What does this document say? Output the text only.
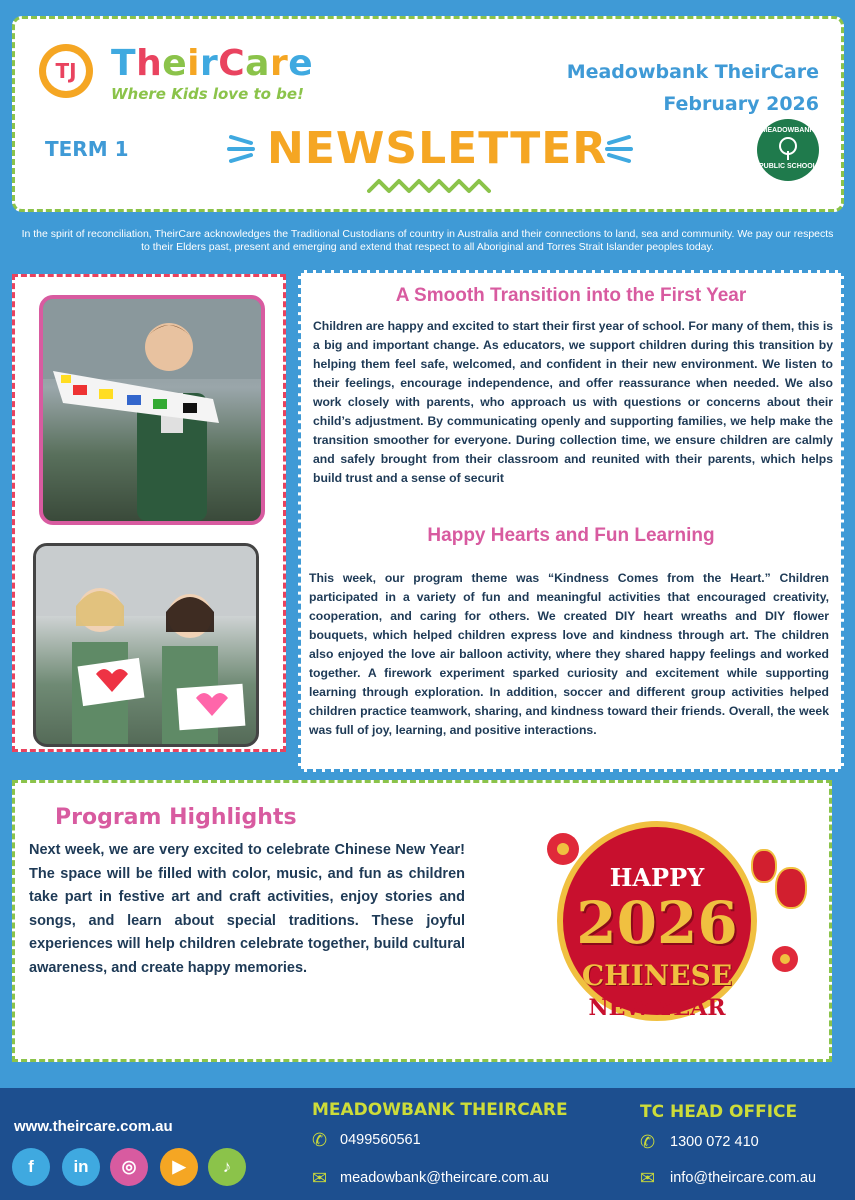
TJ TheirCare
Where Kids love to be!
TERM 1	NEWSLETTER
Meadowbank TheirCare
February 2026
MEADOWBANK
PUBLIC SCHOOL
In the spirit of reconciliation, TheirCare acknowledges the Traditional Custodians of country in Australia and their connections to land, sea and community. We pay our respects to their Elders past, present and emerging and extend that respect to all Aboriginal and Torres Strait Islander peoples today.
A Smooth Transition into the First Year
Children are happy and excited to start their first year of school. For many of them, this is a big and important change. As educators, we support children during this transition by helping them feel safe, welcomed, and confident in their new environment. We listen to their feelings, encourage independence, and offer reassurance when needed. We also work closely with parents, who approach us with questions or concerns about their child’s adjustment. By communicating openly and supporting families, we help make the transition smoother for everyone. During collection time, we ensure children are calmly and safely brought from their classroom and reunited with their parents, which helps build trust and a sense of securit
Happy Hearts and Fun Learning
This week, our program theme was “Kindness Comes from the Heart.” Children participated in a variety of fun and meaningful activities that encouraged creativity, cooperation, and caring for others. We created DIY heart wreaths and DIY flower bouquets, which helped children express love and kindness through art. The children also enjoyed the love air balloon activity, where they shared happy feelings and worked together. A firework experiment sparked curiosity and excitement while supporting learning through exploration. In addition, soccer and different group activities helped children practice teamwork, sharing, and kindness toward their friends. Overall, the week was full of joy, learning, and positive interactions.
Program Highlights
Next week, we are very excited to celebrate Chinese New Year! The space will be filled with color, music, and fun as children take part in festive art and craft activities, enjoy stories and songs, and learn about special traditions. These joyful experiences will help children celebrate together, build cultural awareness, and create happy memories.
HAPPY
2026
CHINESE
NEW YEAR
www.theircare.com.au
f	in	◎	▶	♪
MEADOWBANK THEIRCARE
✆ 0499560561
✉ meadowbank@theircare.com.au
TC HEAD OFFICE
✆ 1300 072 410
✉ info@theircare.com.au
